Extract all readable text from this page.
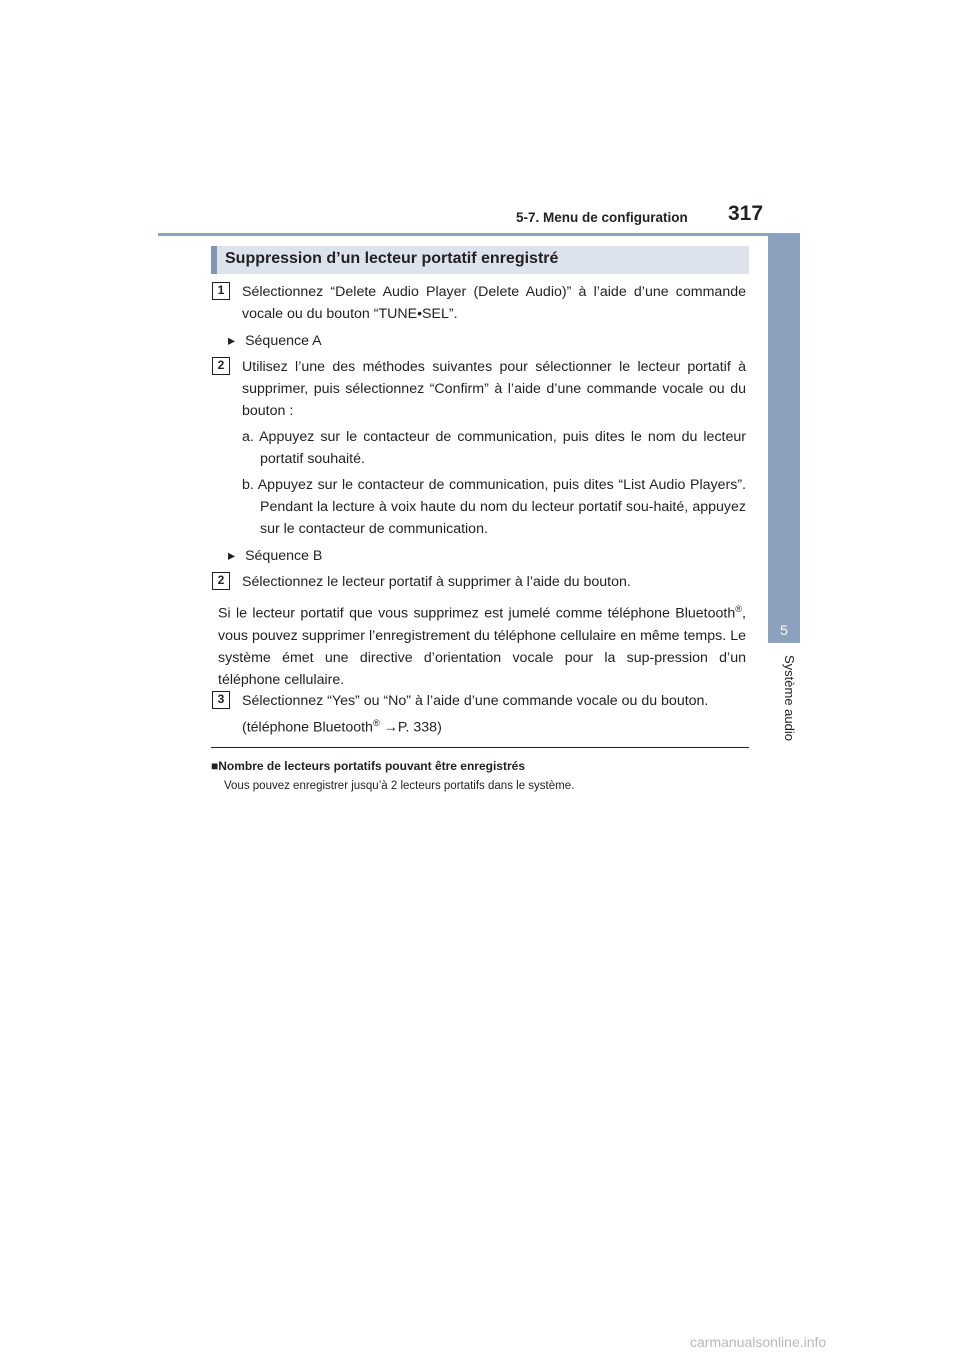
5-7. Menu de configuration 317
5
Système audio
Suppression d’un lecteur portatif enregistré
1	Sélectionnez “Delete Audio Player (Delete Audio)” à l’aide d’une commande vocale ou du bouton “TUNE•SEL”.
▸ Séquence A
2	Utilisez l’une des méthodes suivantes pour sélectionner le lecteur portatif à supprimer, puis sélectionnez “Confirm” à l’aide d’une commande vocale ou du bouton :
a. Appuyez sur le contacteur de communication, puis dites le nom du lecteur portatif souhaité.
b. Appuyez sur le contacteur de communication, puis dites “List Audio Players”. Pendant la lecture à voix haute du nom du lecteur portatif sou-haité, appuyez sur le contacteur de communication.
▸ Séquence B
2	Sélectionnez le lecteur portatif à supprimer à l’aide du bouton.
Si le lecteur portatif que vous supprimez est jumelé comme téléphone Bluetooth®, vous pouvez supprimer l’enregistrement du téléphone cellulaire en même temps. Le système émet une directive d’orientation vocale pour la sup-pression d’un téléphone cellulaire.
3	Sélectionnez “Yes” ou “No” à l’aide d’une commande vocale ou du bouton.
(téléphone Bluetooth® →P. 338)
■Nombre de lecteurs portatifs pouvant être enregistrés
Vous pouvez enregistrer jusqu’à 2 lecteurs portatifs dans le système.
carmanualsonline.info
